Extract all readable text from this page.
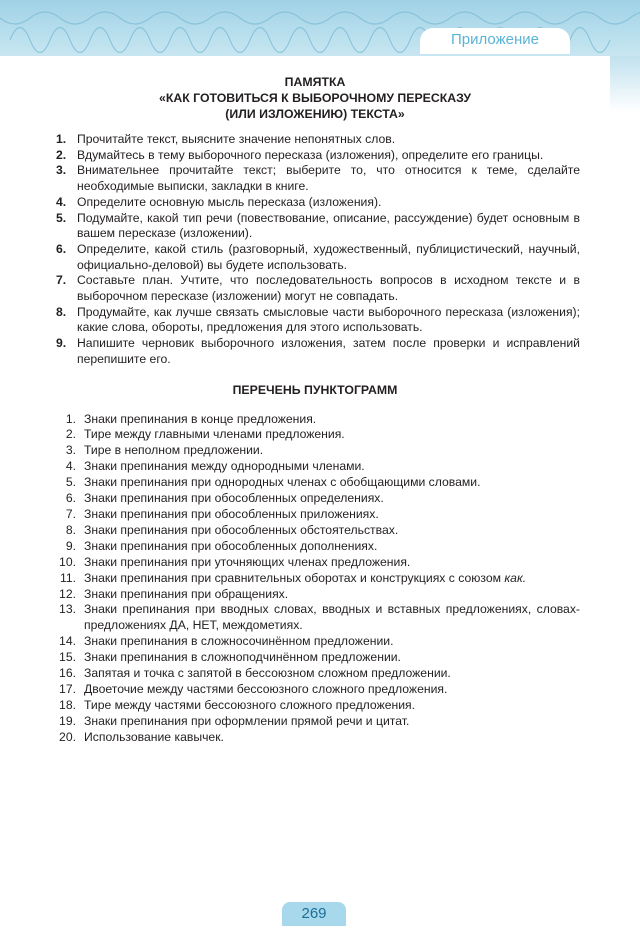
Приложение
ПАМЯТКА
«КАК ГОТОВИТЬСЯ К ВЫБОРОЧНОМУ ПЕРЕСКАЗУ
(ИЛИ ИЗЛОЖЕНИЮ) ТЕКСТА»
1. Прочитайте текст, выясните значение непонятных слов.
2. Вдумайтесь в тему выборочного пересказа (изложения), определите его границы.
3. Внимательнее прочитайте текст; выберите то, что относится к теме, сделайте необходимые выписки, закладки в книге.
4. Определите основную мысль пересказа (изложения).
5. Подумайте, какой тип речи (повествование, описание, рассуждение) будет основным в вашем пересказе (изложении).
6. Определите, какой стиль (разговорный, художественный, публицистический, научный, официально-деловой) вы будете использовать.
7. Составьте план. Учтите, что последовательность вопросов в исходном тексте и в выборочном пересказе (изложении) могут не совпадать.
8. Продумайте, как лучше связать смысловые части выборочного пересказа (изложения); какие слова, обороты, предложения для этого использовать.
9. Напишите черновик выборочного изложения, затем после проверки и исправлений перепишите его.
ПЕРЕЧЕНЬ ПУНКТОГРАММ
1. Знаки препинания в конце предложения.
2. Тире между главными членами предложения.
3. Тире в неполном предложении.
4. Знаки препинания между однородными членами.
5. Знаки препинания при однородных членах с обобщающими словами.
6. Знаки препинания при обособленных определениях.
7. Знаки препинания при обособленных приложениях.
8. Знаки препинания при обособленных обстоятельствах.
9. Знаки препинания при обособленных дополнениях.
10. Знаки препинания при уточняющих членах предложения.
11. Знаки препинания при сравнительных оборотах и конструкциях с союзом как.
12. Знаки препинания при обращениях.
13. Знаки препинания при вводных словах, вводных и вставных предложениях, словах-предложениях ДА, НЕТ, междометиях.
14. Знаки препинания в сложносочинённом предложении.
15. Знаки препинания в сложноподчинённом предложении.
16. Запятая и точка с запятой в бессоюзном сложном предложении.
17. Двоеточие между частями бессоюзного сложного предложения.
18. Тире между частями бессоюзного сложного предложения.
19. Знаки препинания при оформлении прямой речи и цитат.
20. Использование кавычек.
269
